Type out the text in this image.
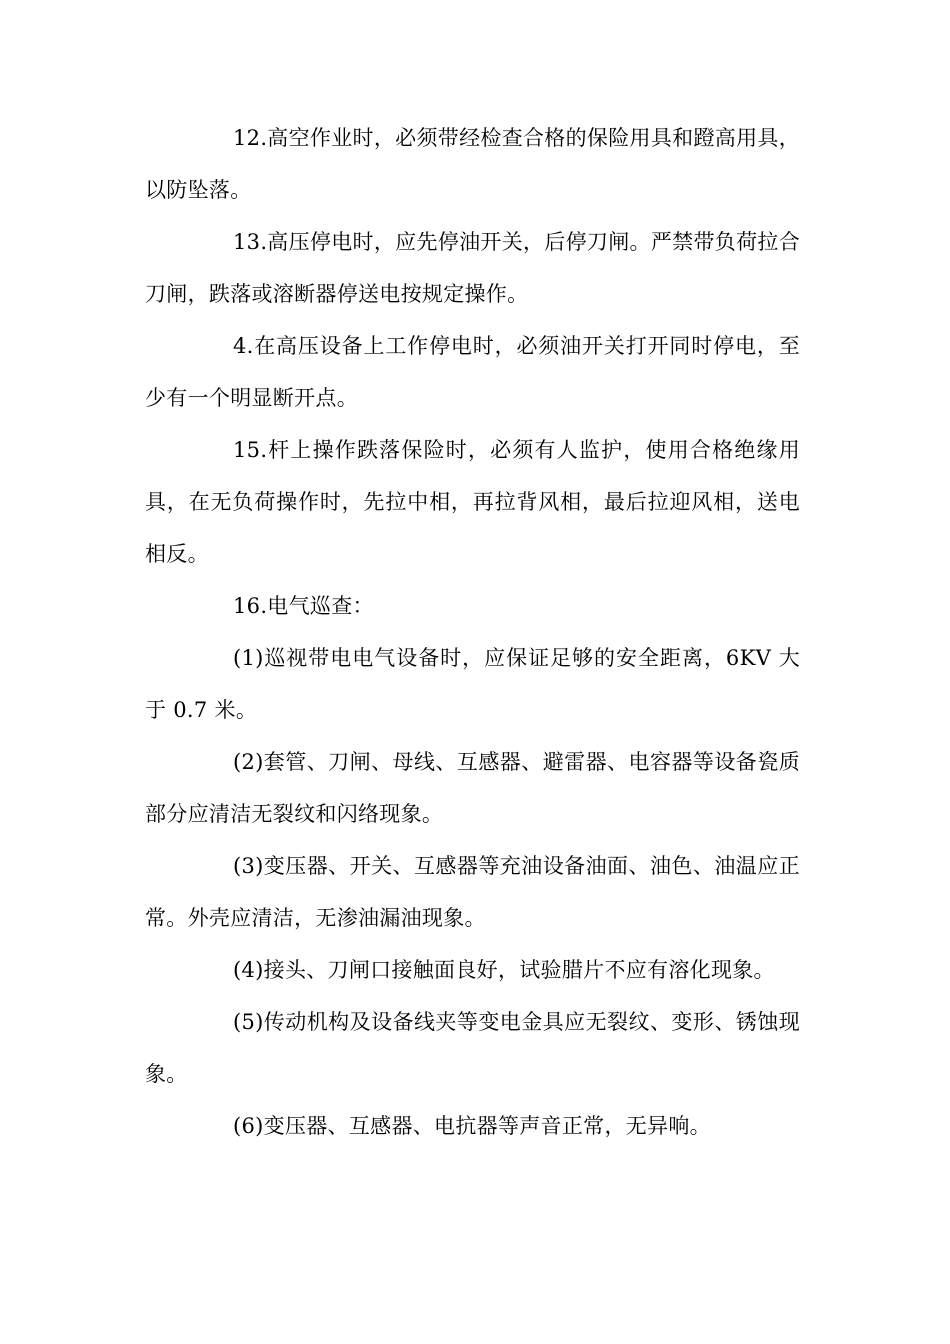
12.高空作业时，必须带经检查合格的保险用具和蹬高用具，以防坠落。

13.高压停电时，应先停油开关，后停刀闸。严禁带负荷拉合刀闸，跌落或溶断器停送电按规定操作。

4.在高压设备上工作停电时，必须油开关打开同时停电，至少有一个明显断开点。

15.杆上操作跌落保险时，必须有人监护，使用合格绝缘用具，在无负荷操作时，先拉中相，再拉背风相，最后拉迎风相，送电相反。

16.电气巡查：

(1)巡视带电电气设备时，应保证足够的安全距离，6KV 大于 0.7 米。

(2)套管、刀闸、母线、互感器、避雷器、电容器等设备瓷质部分应清洁无裂纹和闪络现象。

(3)变压器、开关、互感器等充油设备油面、油色、油温应正常。外壳应清洁，无渗油漏油现象。

(4)接头、刀闸口接触面良好，试验腊片不应有溶化现象。

(5)传动机构及设备线夹等变电金具应无裂纹、变形、锈蚀现象。

(6)变压器、互感器、电抗器等声音正常，无异响。
